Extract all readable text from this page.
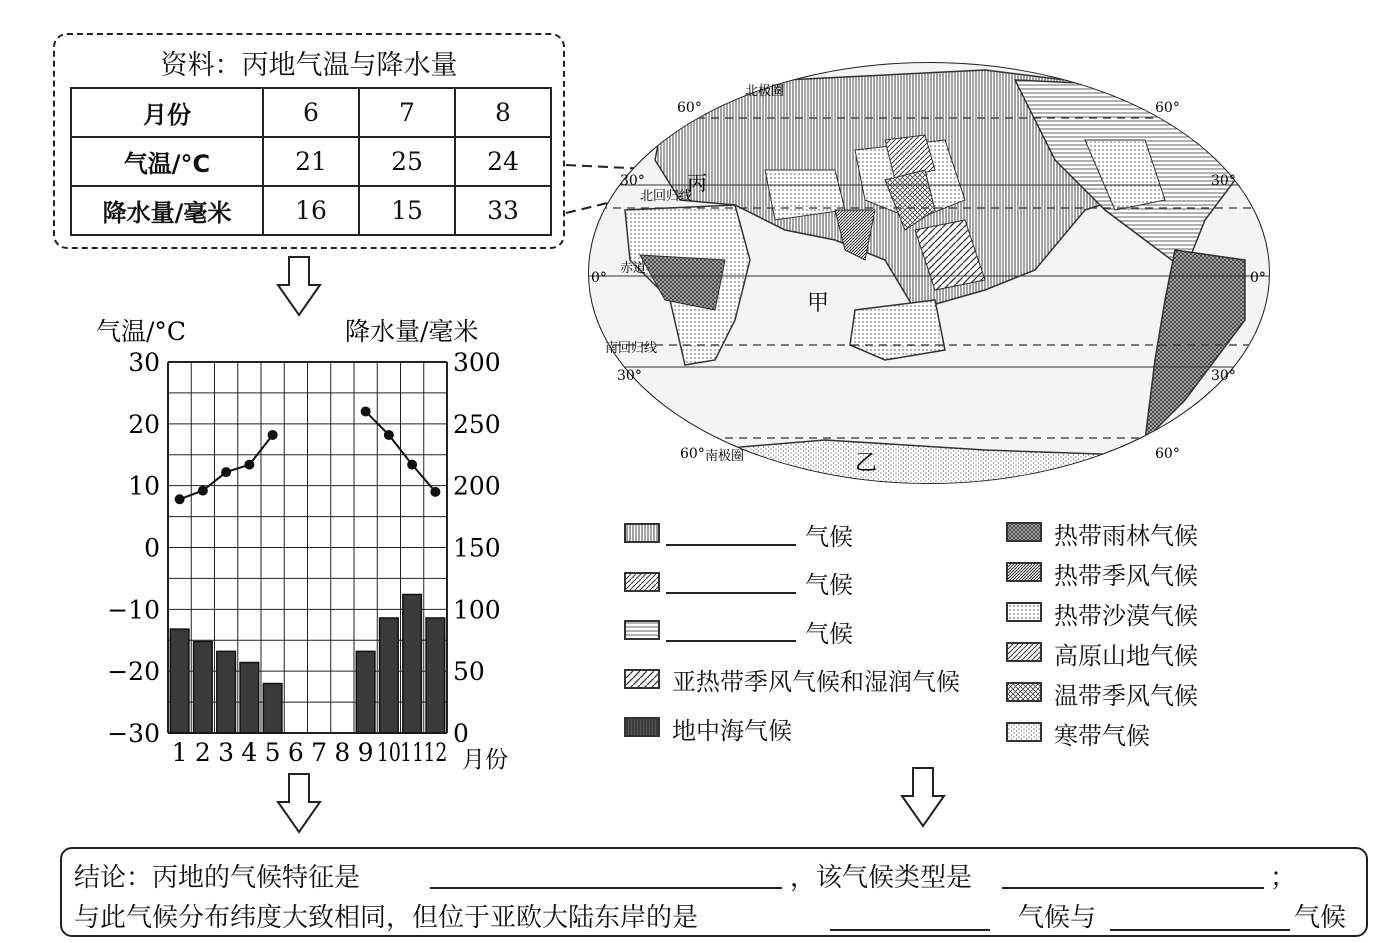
资料：丙地气温与降水量
月份	6	7	8
气温/°C	21	25	24
降水量/毫米	16	15	33
气温/°C	降水量/毫米
月份
30
20
10
0
−10
−20
−30
300
250
200
150
100
50
0
1 2 3 4 5 6 7 8 9 10 11 12
北极圈
60°	60°
北回归线
30°	30°
赤道
0°	0°
南回归线
30°	30°
南极圈
60°	60°
丙
甲
乙
气候
气候
气候
亚热带季风气候和湿润气候
地中海气候
热带雨林气候
热带季风气候
热带沙漠气候
高原山地气候
温带季风气候
寒带气候
结论：丙地的气候特征是	，该气候类型是	；
与此气候分布纬度大致相同，但位于亚欧大陆东岸的是	气候与	气候
